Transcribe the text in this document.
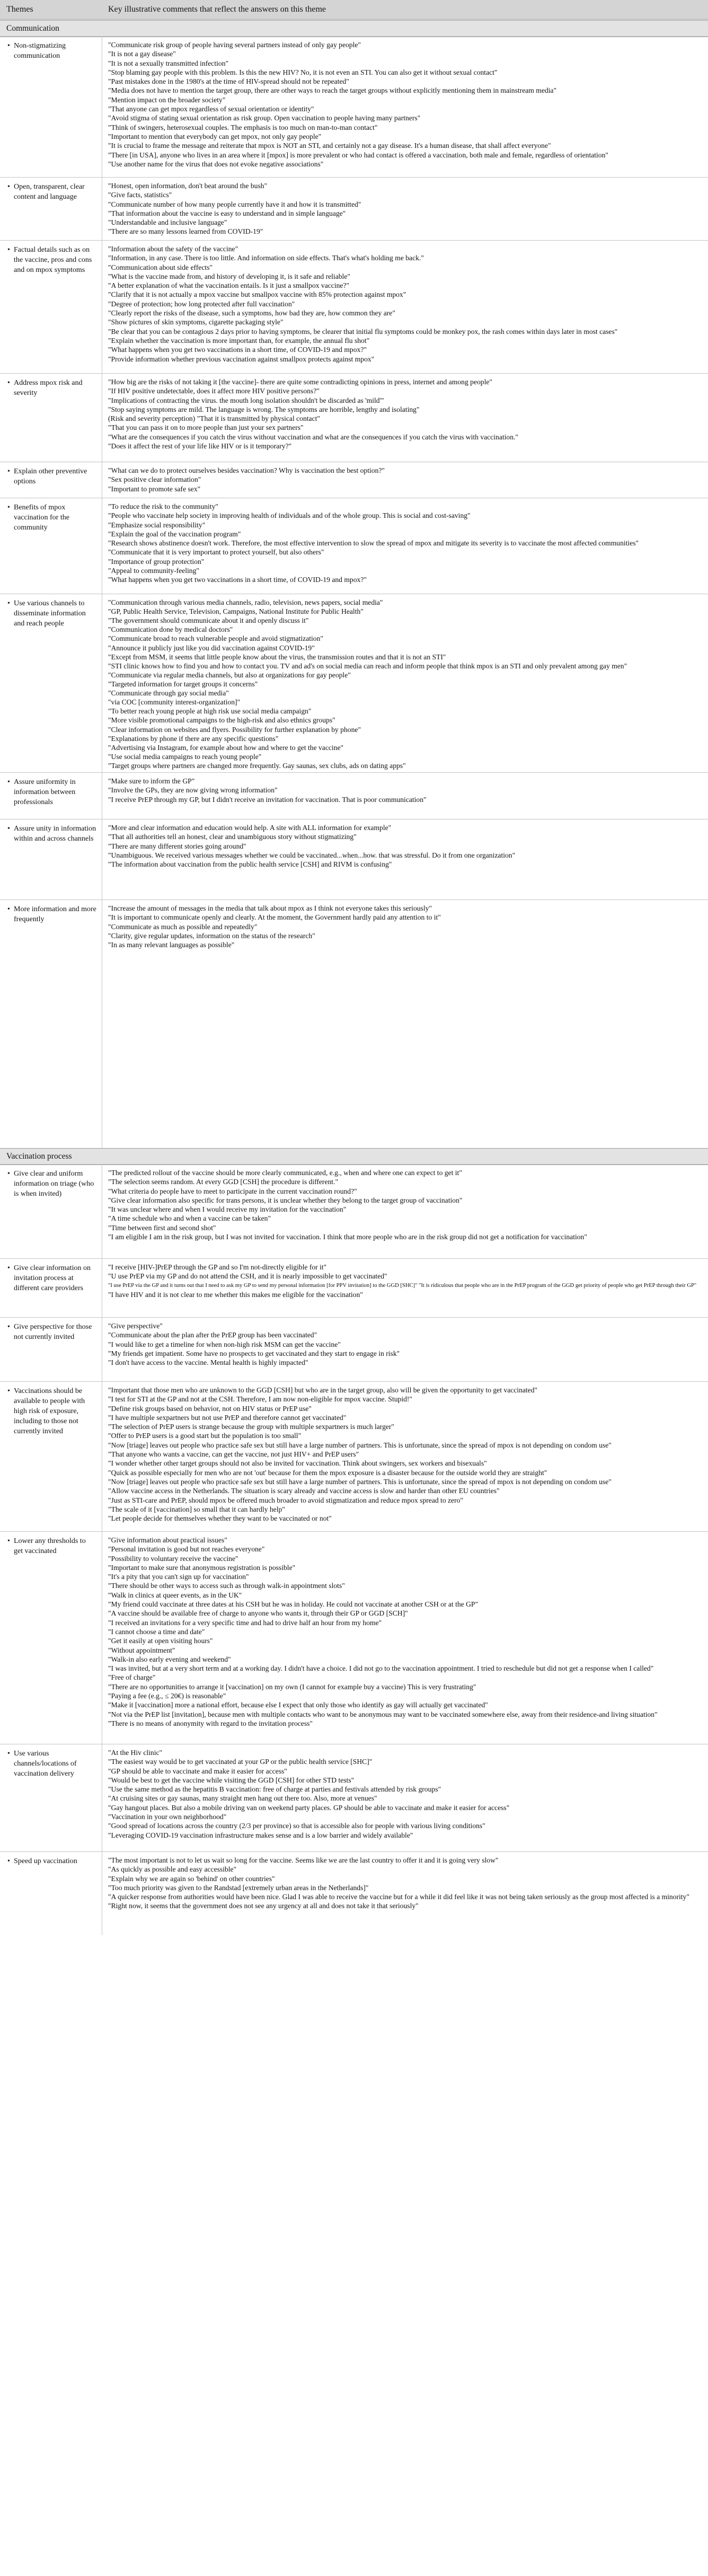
Themes	Key illustrative comments that reflect the answers on this theme
Communication
• Non-stigmatizing communication
"Communicate risk group of people having several partners instead of only gay people"
"It is not a gay disease"
"It is not a sexually transmitted infection"
"Stop blaming gay people with this problem. Is this the new HIV? No, it is not even an STI. You can also get it without sexual contact"
"Past mistakes done in the 1980's at the time of HIV-spread should not be repeated"
"Media does not have to mention the target group, there are other ways to reach the target groups without explicitly mentioning them in mainstream media"
"Mention impact on the broader society"
"That anyone can get mpox regardless of sexual orientation or identity"
"Avoid stigma of stating sexual orientation as risk group. Open vaccination to people having many partners"
"Think of swingers, heterosexual couples. The emphasis is too much on man-to-man contact"
"Important to mention that everybody can get mpox, not only gay people"
"It is crucial to frame the message and reiterate that mpox is NOT an STI, and certainly not a gay disease. It's a human disease, that shall affect everyone"
"There [in USA], anyone who lives in an area where it [mpox] is more prevalent or who had contact is offered a vaccination, both male and female, regardless of orientation"
"Use another name for the virus that does not evoke negative associations"
• Open, transparent, clear content and language
"Honest, open information, don't beat around the bush"
"Give facts, statistics"
"Communicate number of how many people currently have it and how it is transmitted"
"That information about the vaccine is easy to understand and in simple language"
"Understandable and inclusive language"
"There are so many lessons learned from COVID-19"
• Factual details such as on the vaccine, pros and cons and on mpox symptoms
"Information about the safety of the vaccine"
"Information, in any case. There is too little. And information on side effects. That's what's holding me back."
"Communication about side effects"
"What is the vaccine made from, and history of developing it, is it safe and reliable"
"A better explanation of what the vaccination entails. Is it just a smallpox vaccine?"
"Clarify that it is not actually a mpox vaccine but smallpox vaccine with 85% protection against mpox"
"Degree of protection; how long protected after full vaccination"
"Clearly report the risks of the disease, such a symptoms, how bad they are, how common they are"
"Show pictures of skin symptoms, cigarette packaging style"
"Be clear that you can be contagious 2 days prior to having symptoms, be clearer that initial flu symptoms could be monkey pox, the rash comes within days later in most cases"
"Explain whether the vaccination is more important than, for example, the annual flu shot"
"What happens when you get two vaccinations in a short time, of COVID-19 and mpox?"
"Provide information whether previous vaccination against smallpox protects against mpox"
• Address mpox risk and severity
"How big are the risks of not taking it [the vaccine]- there are quite some contradicting opinions in press, internet and among people"
"If HIV positive undetectable, does it affect more HIV positive persons?"
"Implications of contracting the virus. the mouth long isolation shouldn't be discarded as 'mild'"
"Stop saying symptoms are mild. The language is wrong. The symptoms are horrible, lengthy and isolating"
(Risk and severity perception) "That it is transmitted by physical contact"
"That you can pass it on to more people than just your sex partners"
"What are the consequences if you catch the virus without vaccination and what are the consequences if you catch the virus with vaccination."
"Does it affect the rest of your life like HIV or is it temporary?"
• Explain other preventive options
"What can we do to protect ourselves besides vaccination? Why is vaccination the best option?"
"Sex positive clear information"
"Important to promote safe sex"
• Benefits of mpox vaccination for the community
"To reduce the risk to the community"
"People who vaccinate help society in improving health of individuals and of the whole group. This is social and cost-saving"
"Emphasize social responsibility"
"Explain the goal of the vaccination program"
"Research shows abstinence doesn't work. Therefore, the most effective intervention to slow the spread of mpox and mitigate its severity is to vaccinate the most affected communities"
"Communicate that it is very important to protect yourself, but also others"
"Importance of group protection"
"Appeal to community-feeling"
"What happens when you get two vaccinations in a short time, of COVID-19 and mpox?"
• Use various channels to disseminate information and reach people
"Communication through various media channels, radio, television, news papers, social media"
"GP, Public Health Service, Television, Campaigns, National Institute for Public Health"
"The government should communicate about it and openly discuss it"
"Communication done by medical doctors"
"Communicate broad to reach vulnerable people and avoid stigmatization"
"Announce it publicly just like you did vaccination against COVID-19"
"Except from MSM, it seems that little people know about the virus, the transmission routes and that it is not an STI"
"STI clinic knows how to find you and how to contact you. TV and ad's on social media can reach and inform people that think mpox is an STI and only prevalent among gay men"
"Communicate via regular media channels, but also at organizations for gay people"
"Targeted information for target groups it concerns"
"Communicate through gay social media"
"via COC [community interest-organization]"
"To better reach young people at high risk use social media campaign"
"More visible promotional campaigns to the high-risk and also ethnics groups"
"Clear information on websites and flyers. Possibility for further explanation by phone"
"Explanations by phone if there are any specific questions"
"Advertising via Instagram, for example about how and where to get the vaccine"
"Use social media campaigns to reach young people"
"Target groups where partners are changed more frequently. Gay saunas, sex clubs, ads on dating apps"
• Assure uniformity in information between professionals
"Make sure to inform the GP"
"Involve the GPs, they are now giving wrong information"
"I receive PrEP through my GP, but I didn't receive an invitation for vaccination. That is poor communication"
• Assure unity in information within and across channels
"More and clear information and education would help. A site with ALL information for example"
"That all authorities tell an honest, clear and unambiguous story without stigmatizing"
"There are many different stories going around"
"Unambiguous. We received various messages whether we could be vaccinated...when...how. that was stressful. Do it from one organization"
"The information about vaccination from the public health service [CSH] and RIVM is confusing"
• More information and more frequently
"Increase the amount of messages in the media that talk about mpox as I think not everyone takes this seriously"
"It is important to communicate openly and clearly. At the moment, the Government hardly paid any attention to it"
"Communicate as much as possible and repeatedly"
"Clarity, give regular updates, information on the status of the research"
"In as many relevant languages as possible"
Vaccination process
• Give clear and uniform information on triage (who is when invited)
"The predicted rollout of the vaccine should be more clearly communicated, e.g., when and where one can expect to get it"
"The selection seems random. At every GGD [CSH] the procedure is different."
"What criteria do people have to meet to participate in the current vaccination round?"
"Give clear information also specific for trans persons, it is unclear whether they belong to the target group of vaccination"
"It was unclear where and when I would receive my invitation for the vaccination"
"A time schedule who and when a vaccine can be taken"
"Time between first and second shot"
"I am eligible I am in the risk group, but I was not invited for vaccination. I think that more people who are in the risk group did not get a notification for vaccination"
• Give clear information on invitation process at different care providers
"I receive [HIV-]PrEP through the GP and so I'm not-directly eligible for it"
"U use PrEP via my GP and do not attend the CSH, and it is nearly impossible to get vaccinated"
"I use PrEP via the GP and it turns out that I need to ask my GP to send my personal information [for PPV invitation] to the GGD [SHC]" "It is ridiculous that people who are in the PrEP program of the GGD get priority of people who get PrEP through their GP"
"I have HIV and it is not clear to me whether this makes me eligible for the vaccination"
• Give perspective for those not currently invited
"Give perspective"
"Communicate about the plan after the PrEP group has been vaccinated"
"I would like to get a timeline for when non-high risk MSM can get the vaccine"
"My friends get impatient. Some have no prospects to get vaccinated and they start to engage in risk"
"I don't have access to the vaccine. Mental health is highly impacted"
• Vaccinations should be available to people with high risk of exposure, including to those not currently invited
"Important that those men who are unknown to the GGD [CSH] but who are in the target group, also will be given the opportunity to get vaccinated"
"I test for STI at the GP and not at the CSH. Therefore, I am now non-eligible for mpox vaccine. Stupid!"
"Define risk groups based on behavior, not on HIV status or PrEP use"
"I have multiple sexpartners but not use PrEP and therefore cannot get vaccinated"
"The selection of PrEP users is strange because the group with multiple sexpartners is much larger"
"Offer to PrEP users is a good start but the population is too small"
"Now [triage] leaves out people who practice safe sex but still have a large number of partners. This is unfortunate, since the spread of mpox is not depending on condom use"
"That anyone who wants a vaccine, can get the vaccine, not just HIV+ and PrEP users"
"I wonder whether other target groups should not also be invited for vaccination. Think about swingers, sex workers and bisexuals"
"Quick as possible especially for men who are not 'out' because for them the mpox exposure is a disaster because for the outside world they are straight"
"Now [triage] leaves out people who practice safe sex but still have a large number of partners. This is unfortunate, since the spread of mpox is not depending on condom use"
"Allow vaccine access in the Netherlands. The situation is scary already and vaccine access is slow and harder than other EU countries"
"Just as STI-care and PrEP, should mpox be offered much broader to avoid stigmatization and reduce mpox spread to zero"
"The scale of it [vaccination] so small that it can hardly help"
"Let people decide for themselves whether they want to be vaccinated or not"
• Lower any thresholds to get vaccinated
"Give information about practical issues"
"Personal invitation is good but not reaches everyone"
"Possibility to voluntary receive the vaccine"
"Important to make sure that anonymous registration is possible"
"It's a pity that you can't sign up for vaccination"
"There should be other ways to access such as through walk-in appointment slots"
"Walk in clinics at queer events, as in the UK"
"My friend could vaccinate at three dates at his CSH but he was in holiday. He could not vaccinate at another CSH or at the GP"
"A vaccine should be available free of charge to anyone who wants it, through their GP or GGD [SCH]"
"I received an invitations for a very specific time and had to drive half an hour from my home"
"I cannot choose a time and date"
"Get it easily at open visiting hours"
"Without appointment"
"Walk-in also early evening and weekend"
"I was invited, but at a very short term and at a working day. I didn't have a choice. I did not go to the vaccination appointment. I tried to reschedule but did not get a response when I called"
"Free of charge"
"There are no opportunities to arrange it [vaccination] on my own (I cannot for example buy a vaccine) This is very frustrating"
"Paying a fee (e.g., ≤ 20€) is reasonable"
"Make it [vaccination] more a national effort, because else I expect that only those who identify as gay will actually get vaccinated"
"Not via the PrEP list [invitation], because men with multiple contacts who want to be anonymous may want to be vaccinated somewhere else, away from their residence-and living situation"
"There is no means of anonymity with regard to the invitation process"
• Use various channels/locations of vaccination delivery
"At the Hiv clinic"
"The easiest way would be to get vaccinated at your GP or the public health service [SHC]"
"GP should be able to vaccinate and make it easier for access"
"Would be best to get the vaccine while visiting the GGD [CSH] for other STD tests"
"Use the same method as the hepatitis B vaccination: free of charge at parties and festivals attended by risk groups"
"At cruising sites or gay saunas, many straight men hang out there too. Also, more at venues"
"Gay hangout places. But also a mobile driving van on weekend party places. GP should be able to vaccinate and make it easier for access"
"Vaccination in your own neighborhood"
"Good spread of locations across the country (2/3 per province) so that is accessible also for people with various living conditions"
"Leveraging COVID-19 vaccination infrastructure makes sense and is a low barrier and widely available"
• Speed up vaccination	"The most important is not to let us wait so long for the vaccine. Seems like we are the last country to offer it and it is going very slow"
"As quickly as possible and easy accessible"
"Explain why we are again so 'behind' on other countries"
"Too much priority was given to the Randstad [extremely urban areas in the Netherlands]"
"A quicker response from authorities would have been nice. Glad I was able to receive the vaccine but for a while it did feel like it was not being taken seriously as the group most affected is a minority"
"Right now, it seems that the government does not see any urgency at all and does not take it that seriously"
